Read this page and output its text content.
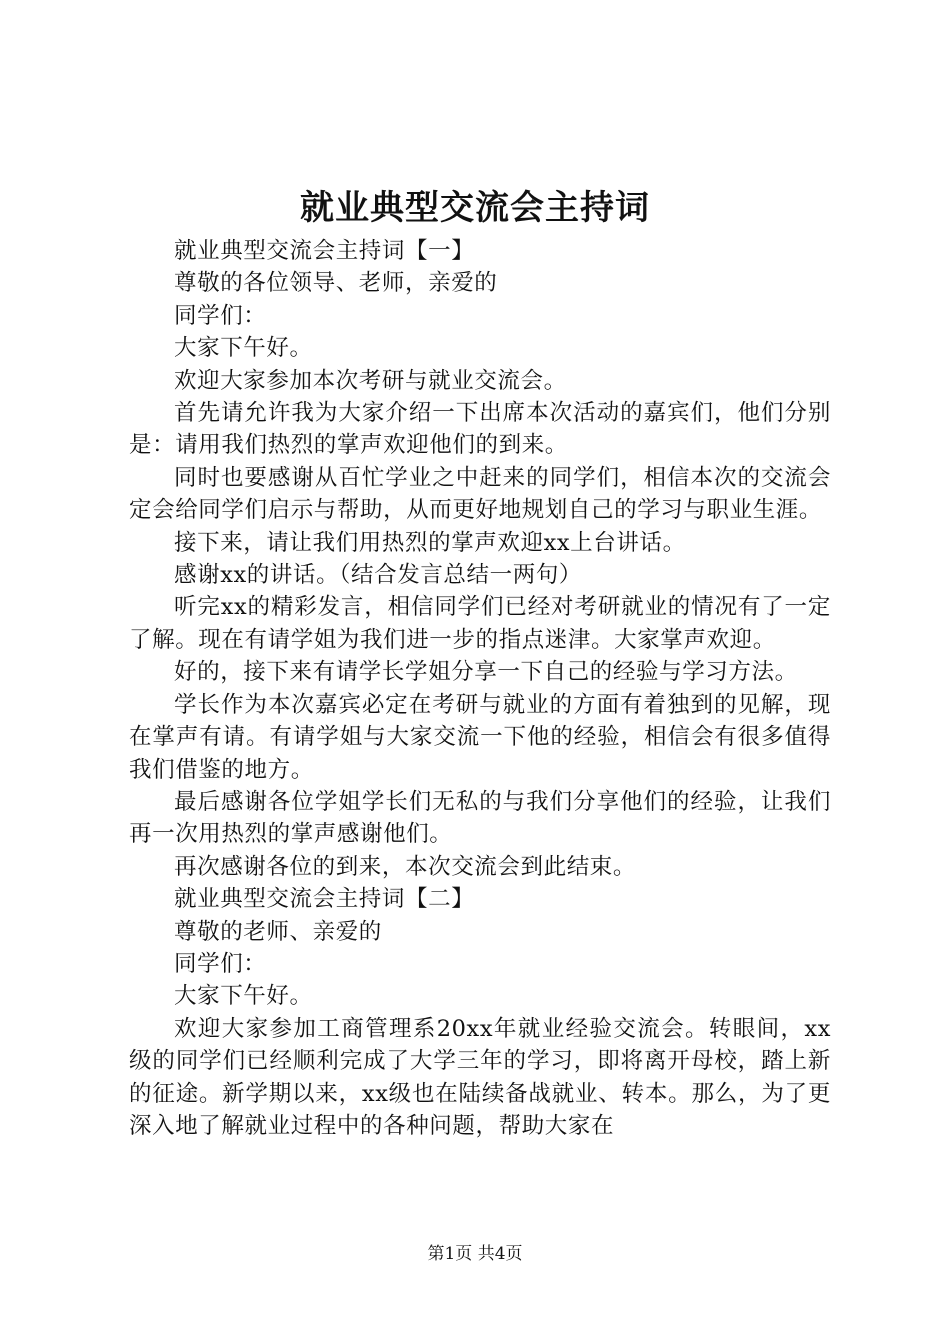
就业典型交流会主持词

就业典型交流会主持词【一】

尊敬的各位领导、老师，亲爱的

同学们：

大家下午好。

欢迎大家参加本次考研与就业交流会。

首先请允许我为大家介绍一下出席本次活动的嘉宾们，他们分别是：请用我们热烈的掌声欢迎他们的到来。

同时也要感谢从百忙学业之中赶来的同学们，相信本次的交流会定会给同学们启示与帮助，从而更好地规划自己的学习与职业生涯。

接下来，请让我们用热烈的掌声欢迎xx上台讲话。

感谢xx的讲话。（结合发言总结一两句）

听完xx的精彩发言，相信同学们已经对考研就业的情况有了一定了解。现在有请学姐为我们进一步的指点迷津。大家掌声欢迎。

好的，接下来有请学长学姐分享一下自己的经验与学习方法。

学长作为本次嘉宾必定在考研与就业的方面有着独到的见解，现在掌声有请。有请学姐与大家交流一下他的经验，相信会有很多值得我们借鉴的地方。

最后感谢各位学姐学长们无私的与我们分享他们的经验，让我们再一次用热烈的掌声感谢他们。

再次感谢各位的到来，本次交流会到此结束。

就业典型交流会主持词【二】

尊敬的老师、亲爱的

同学们：

大家下午好。

欢迎大家参加工商管理系20xx年就业经验交流会。转眼间，xx级的同学们已经顺利完成了大学三年的学习，即将离开母校，踏上新的征途。新学期以来，xx级也在陆续备战就业、转本。那么，为了更深入地了解就业过程中的各种问题，帮助大家在

第1页 共4页
